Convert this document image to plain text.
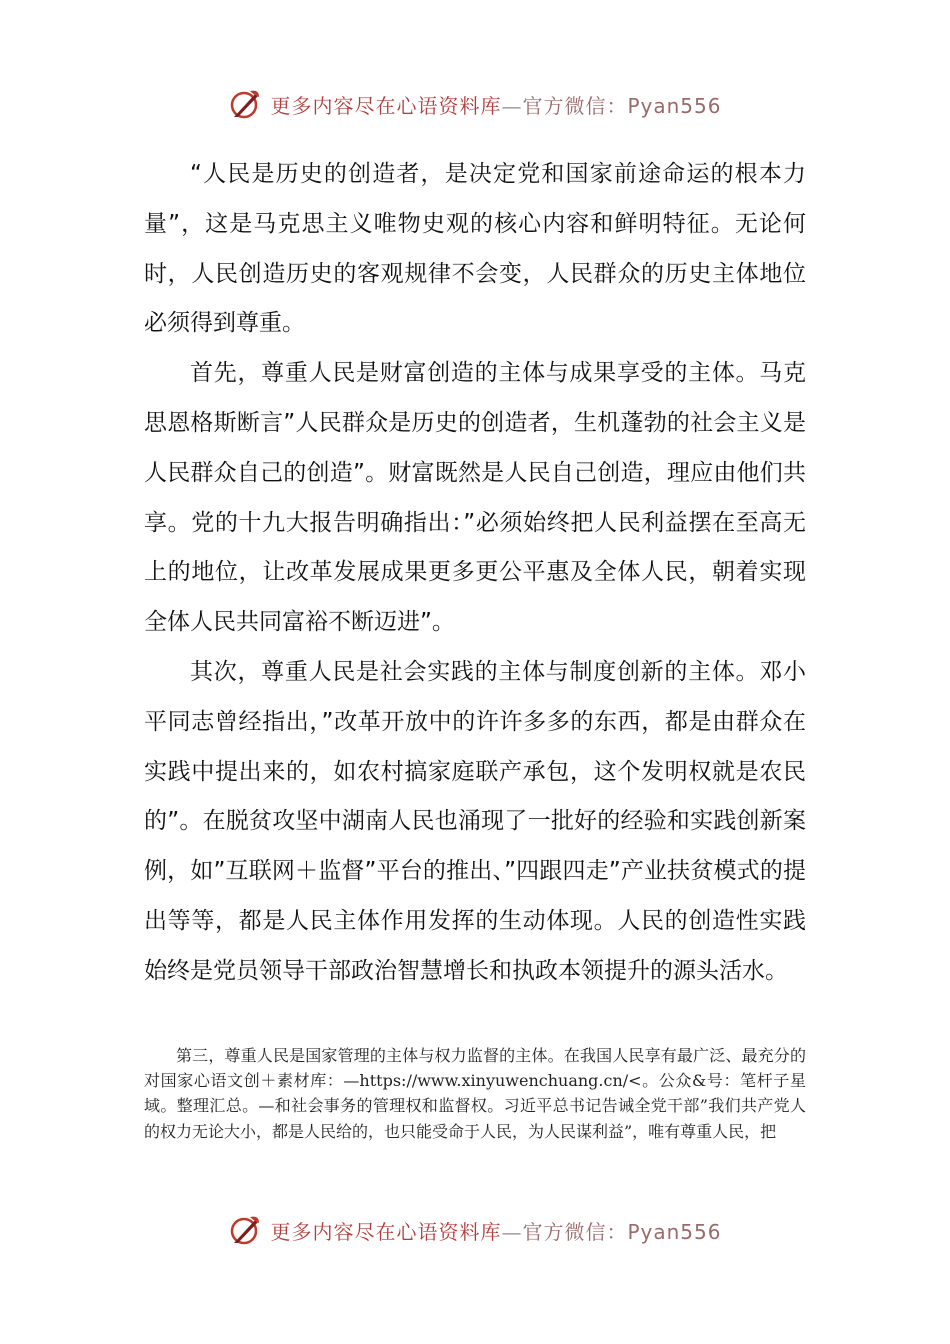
更多内容尽在心语资料库—官方微信：Pyan556

“人民是历史的创造者，是决定党和国家前途命运的根本力量”，这是马克思主义唯物史观的核心内容和鲜明特征。无论何时，人民创造历史的客观规律不会变，人民群众的历史主体地位必须得到尊重。

首先，尊重人民是财富创造的主体与成果享受的主体。马克思恩格斯断言”人民群众是历史的创造者，生机蓬勃的社会主义是人民群众自己的创造”。财富既然是人民自己创造，理应由他们共享。党的十九大报告明确指出：”必须始终把人民利益摆在至高无上的地位，让改革发展成果更多更公平惠及全体人民，朝着实现全体人民共同富裕不断迈进”。

其次，尊重人民是社会实践的主体与制度创新的主体。邓小平同志曾经指出，”改革开放中的许许多多的东西，都是由群众在实践中提出来的，如农村搞家庭联产承包，这个发明权就是农民的”。在脱贫攻坚中湖南人民也涌现了一批好的经验和实践创新案例，如”互联网＋监督”平台的推出、”四跟四走”产业扶贫模式的提出等等，都是人民主体作用发挥的生动体现。人民的创造性实践始终是党员领导干部政治智慧增长和执政本领提升的源头活水。

第三，尊重人民是国家管理的主体与权力监督的主体。在我国人民享有最广泛、最充分的对国家心语文创＋素材库：—https://www.xinyuwenchuang.cn/<。公众&号：笔杆子星域。整理汇总。—和社会事务的管理权和监督权。习近平总书记告诫全党干部”我们共产党人的权力无论大小，都是人民给的，也只能受命于人民，为人民谋利益”，唯有尊重人民，把

更多内容尽在心语资料库—官方微信：Pyan556
